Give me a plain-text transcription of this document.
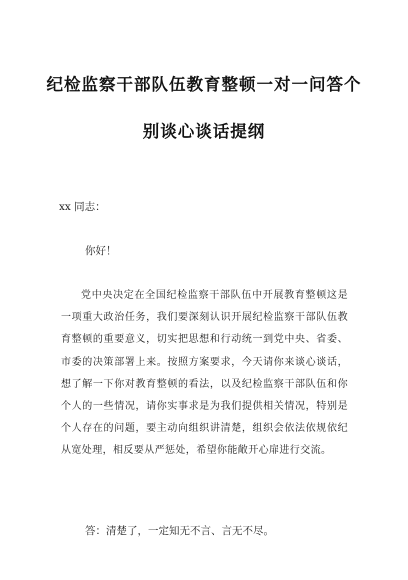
纪检监察干部队伍教育整顿一对一问答个
别谈心谈话提纲
xx 同志：
你好！
党中央决定在全国纪检监察干部队伍中开展教育整顿这是一项重大政治任务，我们要深刻认识开展纪检监察干部队伍教育整顿的重要意义，切实把思想和行动统一到党中央、省委、市委的决策部署上来。按照方案要求，今天请你来谈心谈话，想了解一下你对教育整顿的看法，以及纪检监察干部队伍和你个人的一些情况，请你实事求是为我们提供相关情况，特别是个人存在的问题，要主动向组织讲清楚，组织会依法依规依纪从宽处理，相反要从严惩处，希望你能敞开心扉进行交流。
答：清楚了，一定知无不言、言无不尽。
